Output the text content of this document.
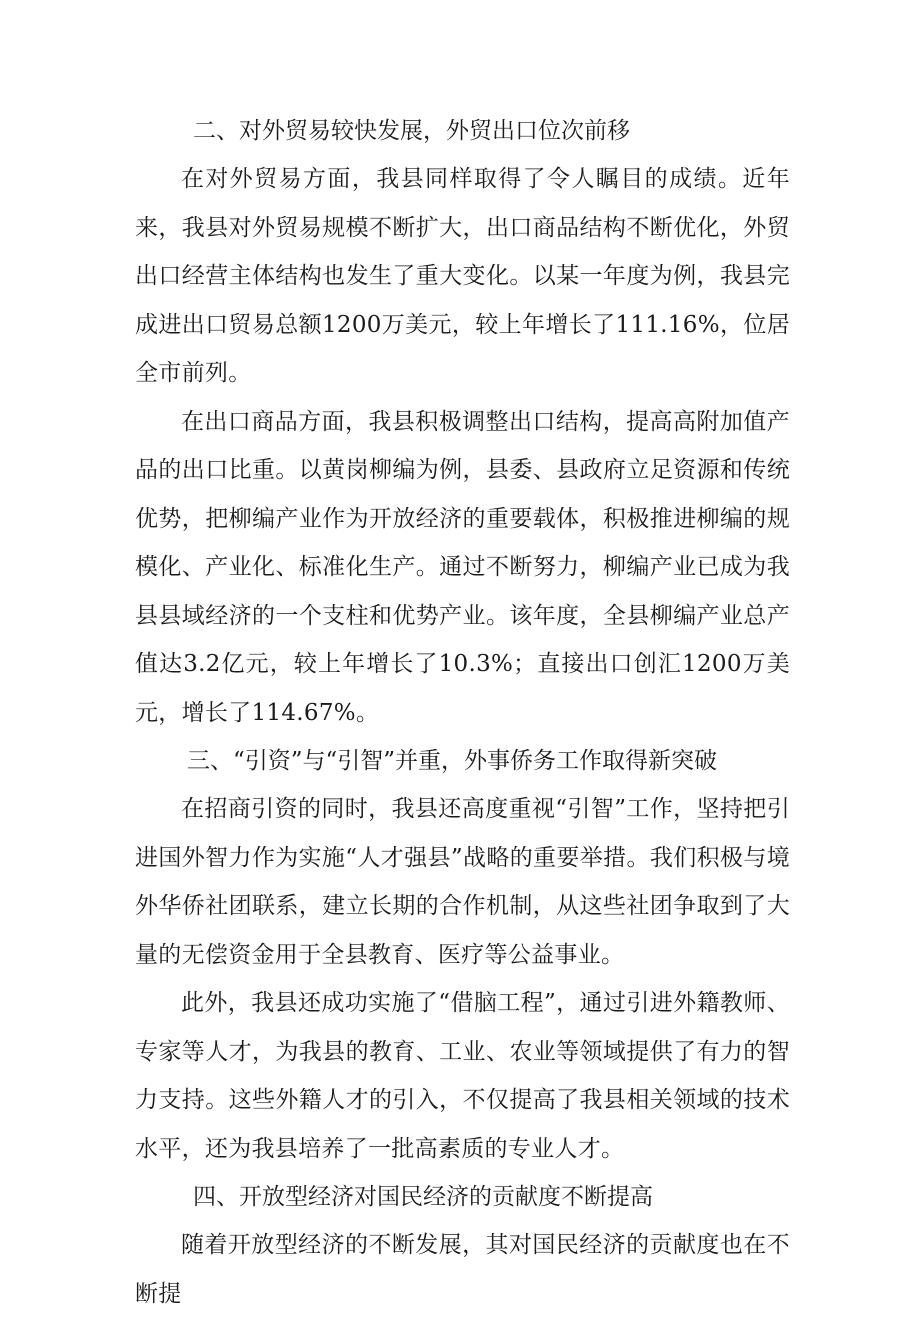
二、对外贸易较快发展，外贸出口位次前移

在对外贸易方面，我县同样取得了令人瞩目的成绩。近年来，我县对外贸易规模不断扩大，出口商品结构不断优化，外贸出口经营主体结构也发生了重大变化。以某一年度为例，我县完成进出口贸易总额1200万美元，较上年增长了111.16%，位居全市前列。

在出口商品方面，我县积极调整出口结构，提高高附加值产品的出口比重。以黄岗柳编为例，县委、县政府立足资源和传统优势，把柳编产业作为开放经济的重要载体，积极推进柳编的规模化、产业化、标准化生产。通过不断努力，柳编产业已成为我县县域经济的一个支柱和优势产业。该年度，全县柳编产业总产值达3.2亿元，较上年增长了10.3%；直接出口创汇1200万美元，增长了114.67%。

三、“引资”与“引智”并重，外事侨务工作取得新突破

在招商引资的同时，我县还高度重视“引智”工作，坚持把引进国外智力作为实施“人才强县”战略的重要举措。我们积极与境外华侨社团联系，建立长期的合作机制，从这些社团争取到了大量的无偿资金用于全县教育、医疗等公益事业。

此外，我县还成功实施了“借脑工程”，通过引进外籍教师、专家等人才，为我县的教育、工业、农业等领域提供了有力的智力支持。这些外籍人才的引入，不仅提高了我县相关领域的技术水平，还为我县培养了一批高素质的专业人才。

四、开放型经济对国民经济的贡献度不断提高

随着开放型经济的不断发展，其对国民经济的贡献度也在不断提
